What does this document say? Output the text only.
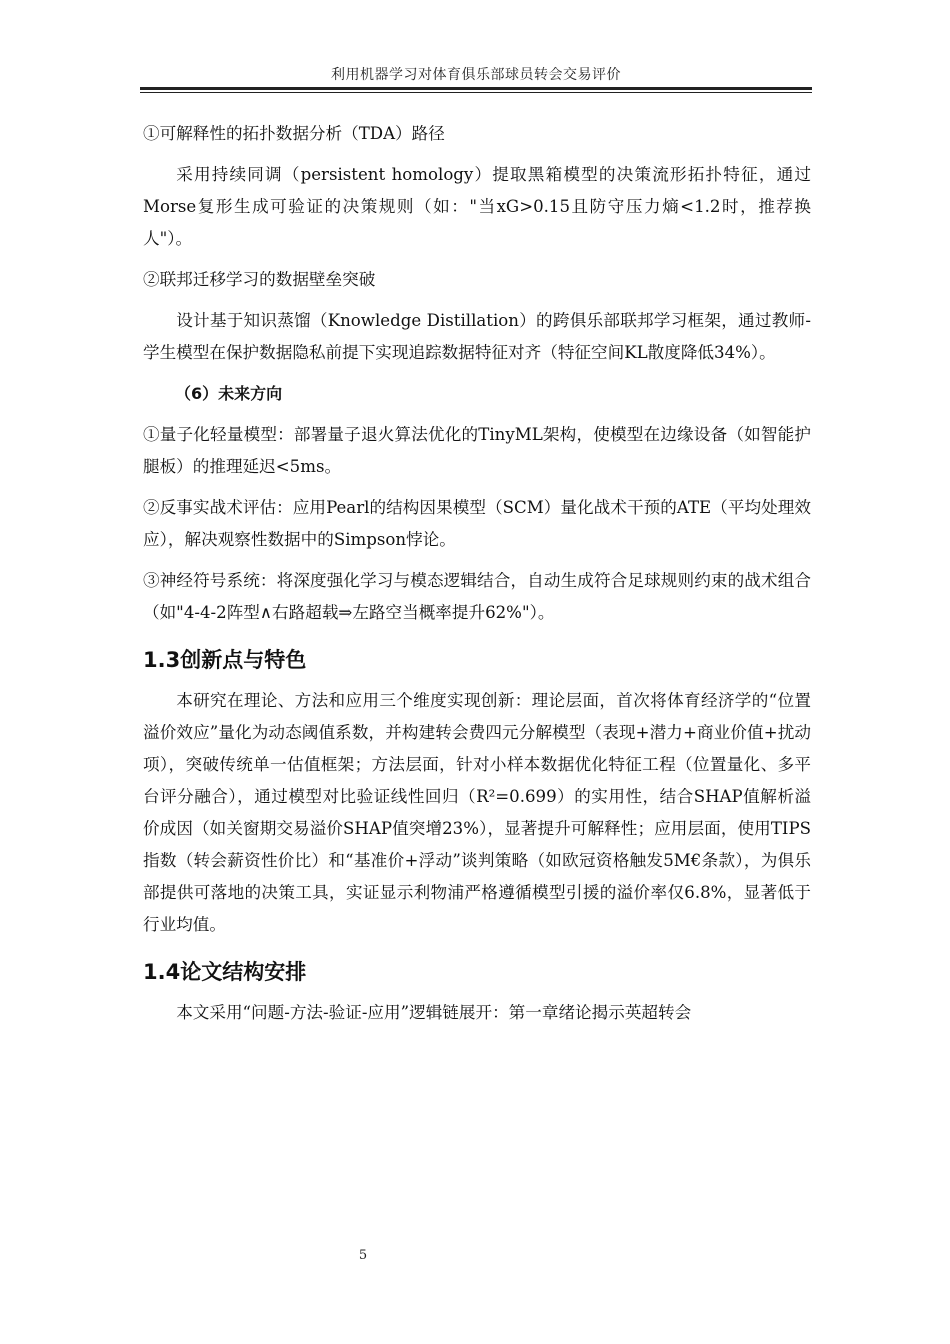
利用机器学习对体育俱乐部球员转会交易评价

①可解释性的拓扑数据分析（TDA）路径

采用持续同调（persistent homology）提取黑箱模型的决策流形拓扑特征，通过Morse复形生成可验证的决策规则（如："当xG>0.15且防守压力熵<1.2时，推荐换人"）。

②联邦迁移学习的数据壁垒突破

设计基于知识蒸馏（Knowledge Distillation）的跨俱乐部联邦学习框架，通过教师-学生模型在保护数据隐私前提下实现追踪数据特征对齐（特征空间KL散度降低34%）。

（6）未来方向

①量子化轻量模型：部署量子退火算法优化的TinyML架构，使模型在边缘设备（如智能护腿板）的推理延迟<5ms。

②反事实战术评估：应用Pearl的结构因果模型（SCM）量化战术干预的ATE（平均处理效应），解决观察性数据中的Simpson悖论。

③神经符号系统：将深度强化学习与模态逻辑结合，自动生成符合足球规则约束的战术组合（如"4-4-2阵型∧右路超载⇒左路空当概率提升62%"）。

1.3创新点与特色

本研究在理论、方法和应用三个维度实现创新：理论层面，首次将体育经济学的“位置溢价效应”量化为动态阈值系数，并构建转会费四元分解模型（表现+潜力+商业价值+扰动项），突破传统单一估值框架；方法层面，针对小样本数据优化特征工程（位置量化、多平台评分融合），通过模型对比验证线性回归（R²=0.699）的实用性，结合SHAP值解析溢价成因（如关窗期交易溢价SHAP值突增23%），显著提升可解释性；应用层面，使用TIPS指数（转会薪资性价比）和“基准价+浮动”谈判策略（如欧冠资格触发5M€条款），为俱乐部提供可落地的决策工具，实证显示利物浦严格遵循模型引援的溢价率仅6.8%，显著低于行业均值。

1.4论文结构安排

本文采用“问题-方法-验证-应用”逻辑链展开：第一章绪论揭示英超转会

5
